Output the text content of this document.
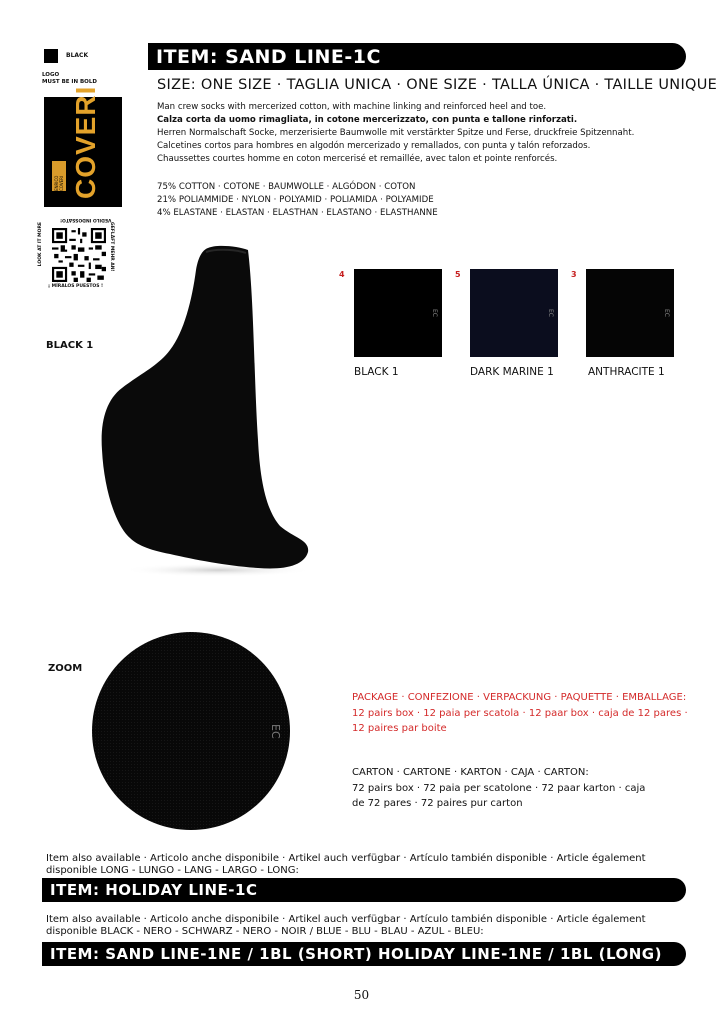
BLACK
LOGO
MUST BE IN BOLD
ENRICO COVERI COVERI
LOOK AT IT MORE	GEFLÄFT MEHR AN!
VEDILO INDOSSATO!
¡ MÍRALOS PUESTOS !
ITEM: SAND LINE-1C
SIZE: ONE SIZE · TAGLIA UNICA · ONE SIZE · TALLA ÚNICA · TAILLE UNIQUE
Man crew socks with mercerized cotton, with machine linking and reinforced heel and toe.
Calza corta da uomo rimagliata, in cotone mercerizzato, con punta e tallone rinforzati.
Herren Normalschaft Socke, merzerisierte Baumwolle mit verstärkter Spitze und Ferse, druckfreie Spitzennaht.
Calcetines cortos para hombres en algodón mercerizado y remallados, con punta y talón reforzados.
Chaussettes courtes homme en coton mercerisé et remaillée, avec talon et pointe renforcés.
75% COTTON · COTONE · BAUMWOLLE · ALGÓDON · COTON
21% POLIAMMIDE · NYLON · POLYAMID · POLIAMIDA · POLYAMIDE
4% ELASTANE · ELASTAN · ELASTHAN · ELASTANO · ELASTHANNE
BLACK 1
4
EC
BLACK 1
5
EC
DARK MARINE 1
3
EC
ANTHRACITE 1
ZOOM
EC
PACKAGE · CONFEZIONE · VERPACKUNG · PAQUETTE · EMBALLAGE:
12 pairs box · 12 paia per scatola · 12 paar box · caja de 12 pares · 12 paires par boite
CARTON · CARTONE · KARTON · CAJA · CARTON:
72 pairs box · 72 paia per scatolone · 72 paar karton · caja de 72 pares · 72 paires pur carton
Item also available · Articolo anche disponibile · Artikel auch verfügbar · Artículo también disponible · Article également disponible LONG - LUNGO - LANG - LARGO - LONG:
ITEM: HOLIDAY LINE-1C
Item also available · Articolo anche disponibile · Artikel auch verfügbar · Artículo también disponible · Article également disponible BLACK - NERO - SCHWARZ - NERO - NOIR / BLUE - BLU - BLAU - AZUL - BLEU:
ITEM: SAND LINE-1NE / 1BL (SHORT) HOLIDAY LINE-1NE / 1BL (LONG)
50
